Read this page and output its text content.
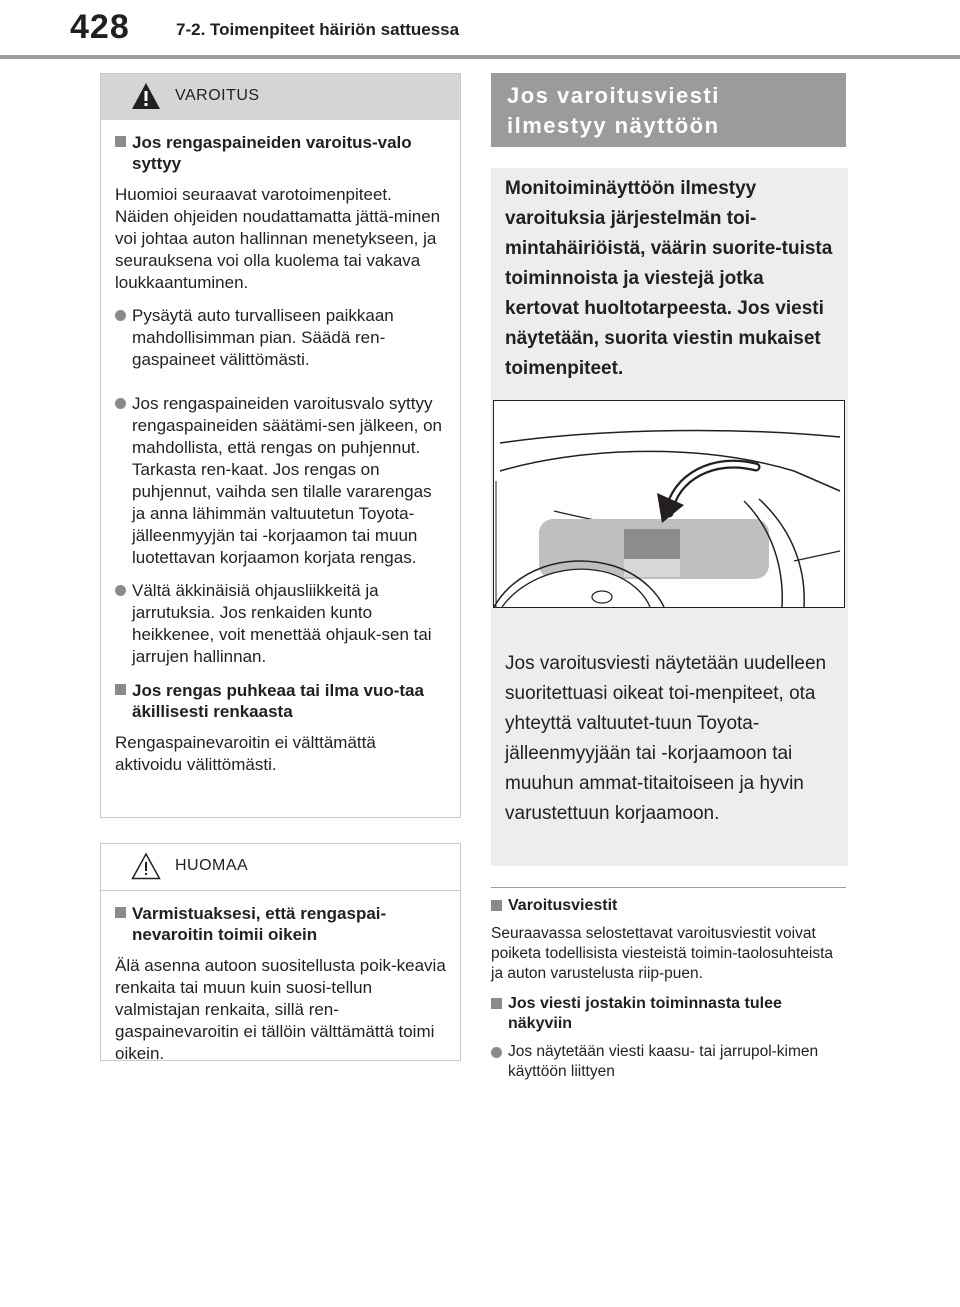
428	7-2. Toimenpiteet häiriön sattuessa
VAROITUS
Jos rengaspaineiden varoitus-valo syttyy
Huomioi seuraavat varotoimenpiteet. Näiden ohjeiden noudattamatta jättä-minen voi johtaa auton hallinnan menetykseen, ja seurauksena voi olla kuolema tai vakava loukkaantuminen.
Pysäytä auto turvalliseen paikkaan mahdollisimman pian. Säädä ren-gaspaineet välittömästi.
Jos rengaspaineiden varoitusvalo syttyy rengaspaineiden säätämi-sen jälkeen, on mahdollista, että rengas on puhjennut. Tarkasta ren-kaat. Jos rengas on puhjennut, vaihda sen tilalle vararengas ja anna lähimmän valtuutetun Toyota-jälleenmyyjän tai -korjaamon tai muun luotettavan korjaamon korjata rengas.
Vältä äkkinäisiä ohjausliikkeitä ja jarrutuksia. Jos renkaiden kunto heikkenee, voit menettää ohjauk-sen tai jarrujen hallinnan.
Jos rengas puhkeaa tai ilma vuo-taa äkillisesti renkaasta
Rengaspainevaroitin ei välttämättä aktivoidu välittömästi.
HUOMAA
Varmistuaksesi, että rengaspai-nevaroitin toimii oikein
Älä asenna autoon suositellusta poik-keavia renkaita tai muun kuin suosi-tellun valmistajan renkaita, sillä ren-gaspainevaroitin ei tällöin välttämättä toimi oikein.
Jos varoitusviesti
ilmestyy näyttöön
Monitoiminäyttöön ilmestyy varoituksia järjestelmän toi-mintahäiriöistä, väärin suorite-tuista toiminnoista ja viestejä jotka kertovat huoltotarpeesta. Jos viesti näytetään, suorita viestin mukaiset toimenpiteet.
Jos varoitusviesti näytetään uudelleen suoritettuasi oikeat toi-menpiteet, ota yhteyttä valtuutet-tuun Toyota-jälleenmyyjään tai -korjaamoon tai muuhun ammat-titaitoiseen ja hyvin varustettuun korjaamoon.
Varoitusviestit
Seuraavassa selostettavat varoitusviestit voivat poiketa todellisista viesteistä toimin-taolosuhteista ja auton varustelusta riip-puen.
Jos viesti jostakin toiminnasta tulee näkyviin
Jos näytetään viesti kaasu- tai jarrupol-kimen käyttöön liittyen
